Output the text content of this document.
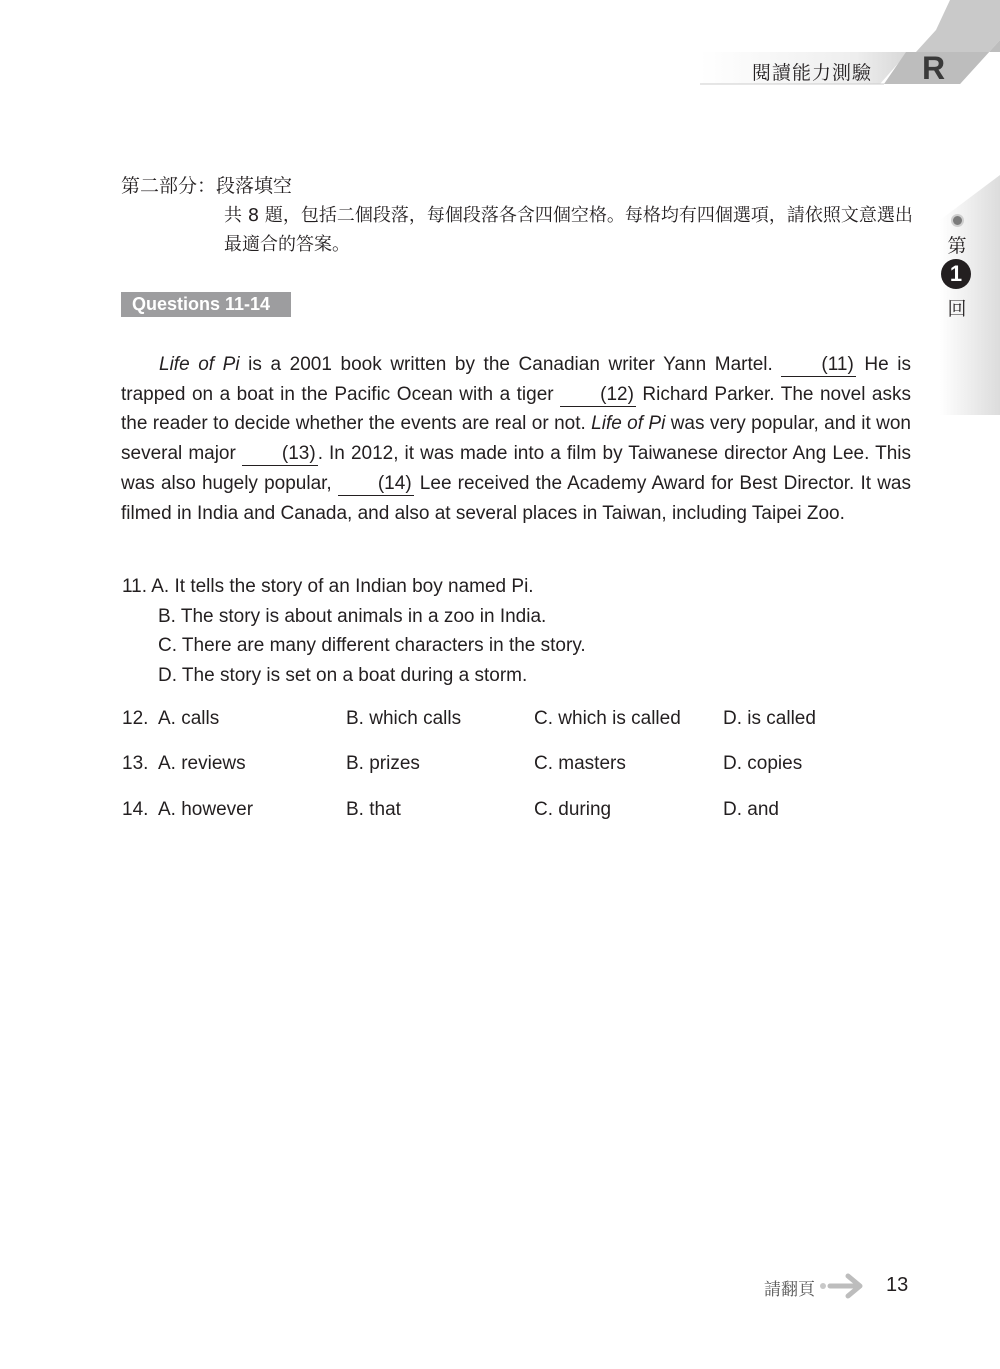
閱讀能力測驗 R
第
1
回
第二部分：段落填空
共 8 題，包括二個段落，每個段落各含四個空格。每格均有四個選項，請依照文意選出最適合的答案。
Questions 11-14

Life of Pi is a 2001 book written by the Canadian writer Yann Martel. (11) He is trapped on a boat in the Pacific Ocean with a tiger (12) Richard Parker. The novel asks the reader to decide whether the events are real or not. Life of Pi was very popular, and it won several major (13) . In 2012, it was made into a film by Taiwanese director Ang Lee. This was also hugely popular, (14) Lee received the Academy Award for Best Director. It was filmed in India and Canada, and also at several places in Taiwan, including Taipei Zoo.

11. A. It tells the story of an Indian boy named Pi.
B. The story is about animals in a zoo in India.
C. There are many different characters in the story.
D. The story is set on a boat during a storm.
12. A. calls	B. which calls	C. which is called D. is called
13. A. reviews	B. prizes	C. masters	D. copies
14. A. however	B. that	C. during	D. and
請翻頁	13
